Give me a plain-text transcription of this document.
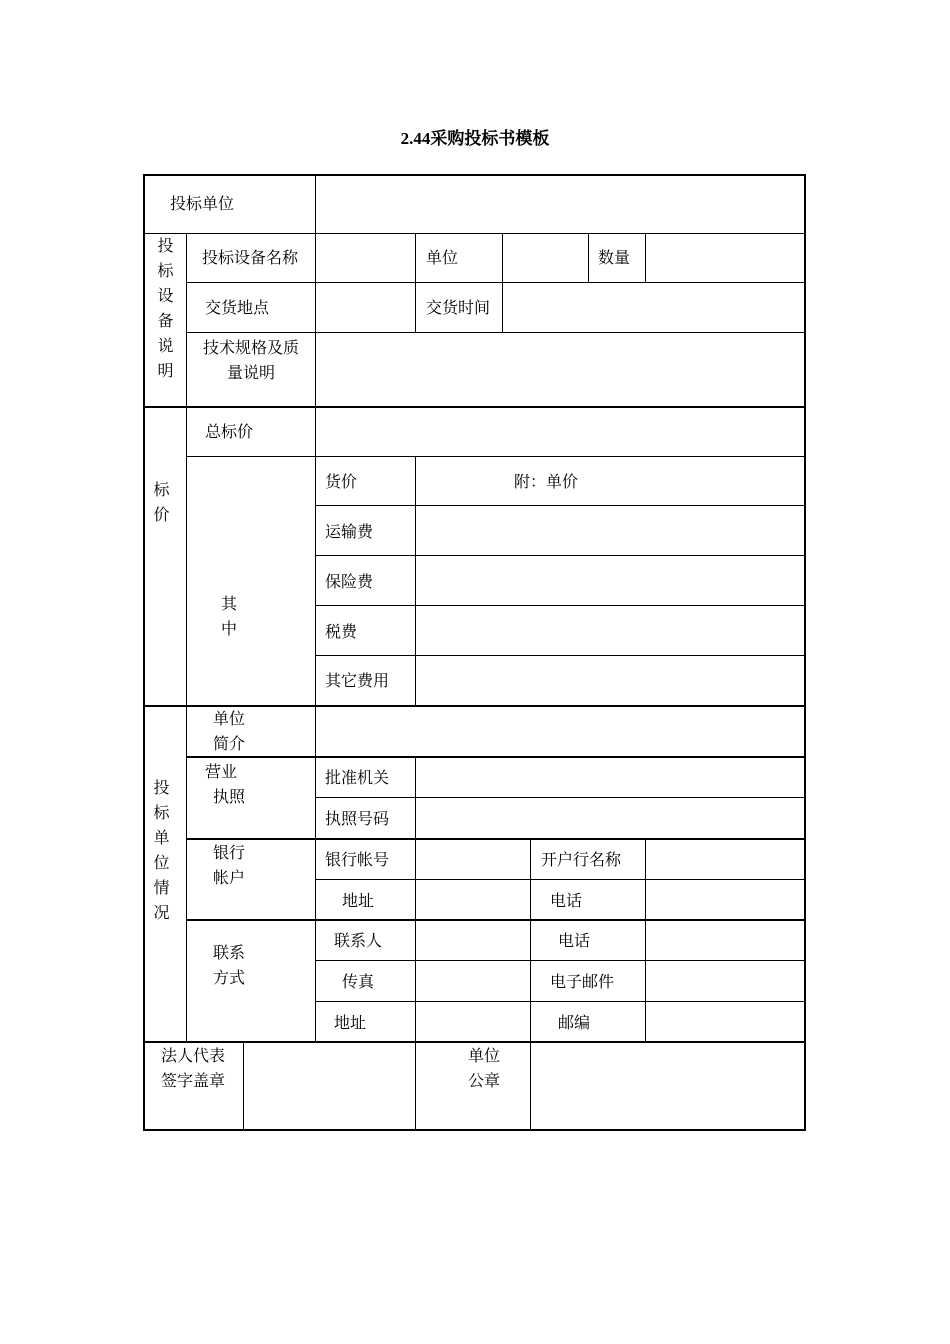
2.44采购投标书模板
投标单位
投
标
设
备
说
明
投标设备名称	单位	数量
交货地点	交货时间
技术规格及质
量说明
标
价
总标价
其
中
货价	附：单价
运输费
保险费
税费
其它费用
投
标
单
位
情
况
单位
简介
营业
执照
批准机关
执照号码
银行
帐户
银行帐号	开户行名称
地址	电话
联系
方式
联系人	电话
传真	电子邮件
地址	邮编
法人代表
签字盖章
单位
公章
